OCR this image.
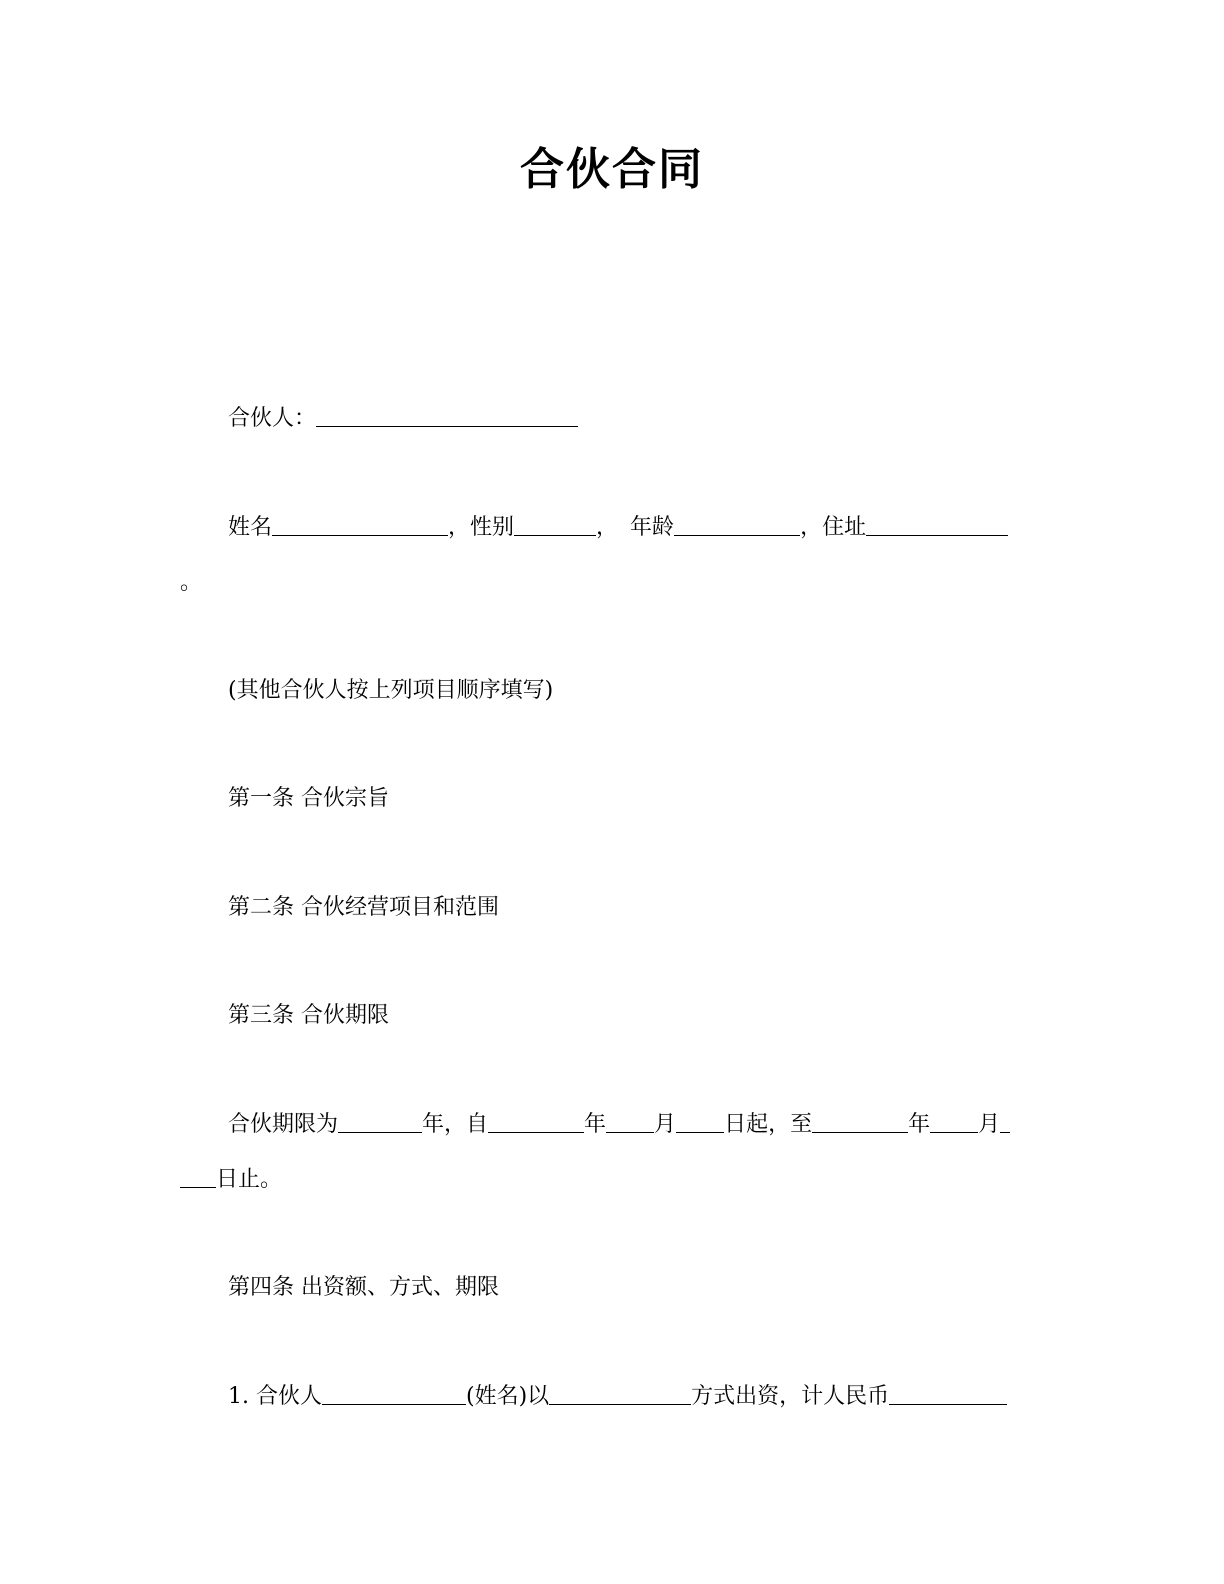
合伙合同
合伙人：
姓名	，性别	， 年龄	，住址
。
(其他合伙人按上列项目顺序填写)
第一条 合伙宗旨
第二条 合伙经营项目和范围
第三条 合伙期限
合伙期限为	年，自	年 月 日起，至	年 月
日止。
第四条 出资额、方式、期限
1. 合伙人	(姓名)以	方式出资，计人民币
